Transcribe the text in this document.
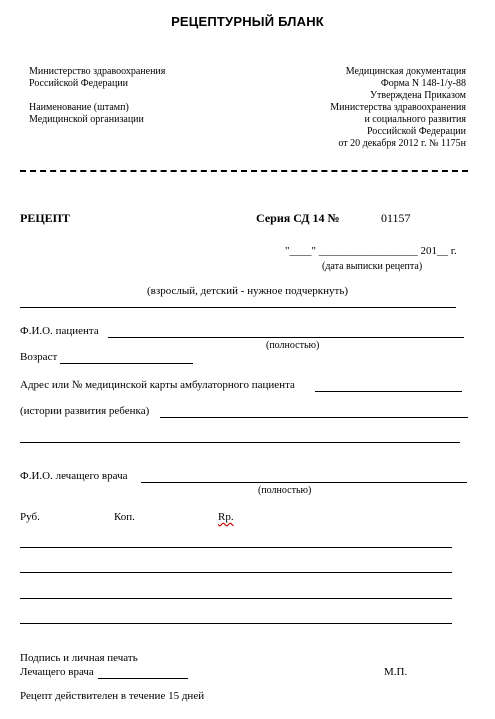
РЕЦЕПТУРНЫЙ БЛАНК
Министерство здравоохранения
Российской Федерации
Наименование (штамп)
Медицинской организации
Медицинская документация
Форма N 148-1/у-88
Утверждена Приказом
Министерства здравоохранения
и социального развития
Российской Федерации
от 20 декабря 2012 г. № 1175н
РЕЦЕПТ	Серия СД 14 №	01157
"____" __________________ 201__ г.
(дата выписки рецепта)
(взрослый, детский - нужное подчеркнуть)
Ф.И.О. пациента
(полностью)
Возраст
Адрес или № медицинской карты амбулаторного пациента
(истории развития ребенка)
Ф.И.О. лечащего врача
(полностью)
Руб.	Коп.	Rp.
Подпись и личная печать
Лечащего врача	М.П.
Рецепт действителен в течение 15 дней
